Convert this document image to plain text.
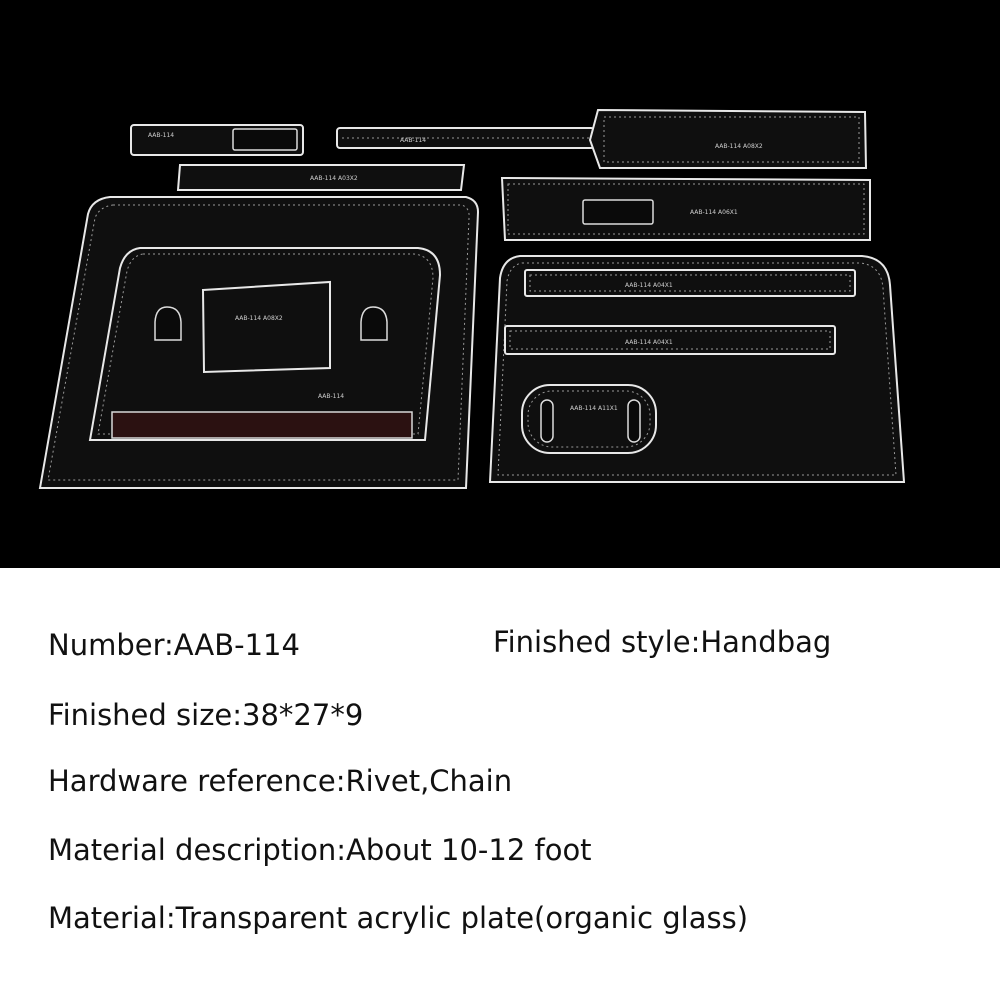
AAB-114
AAB-114
AAB-114 A03X2
AAB-114 A08X2
AAB-114 A06X1
AAB-114 A08X2
AAB-114
AAB-114 A04X1
AAB-114 A04X1
AAB-114 A11X1
Number:AAB-114	Finished style:Handbag
Finished size:38*27*9
Hardware reference:Rivet,Chain
Material description:About 10-12 foot
Material:Transparent acrylic plate(organic glass)
